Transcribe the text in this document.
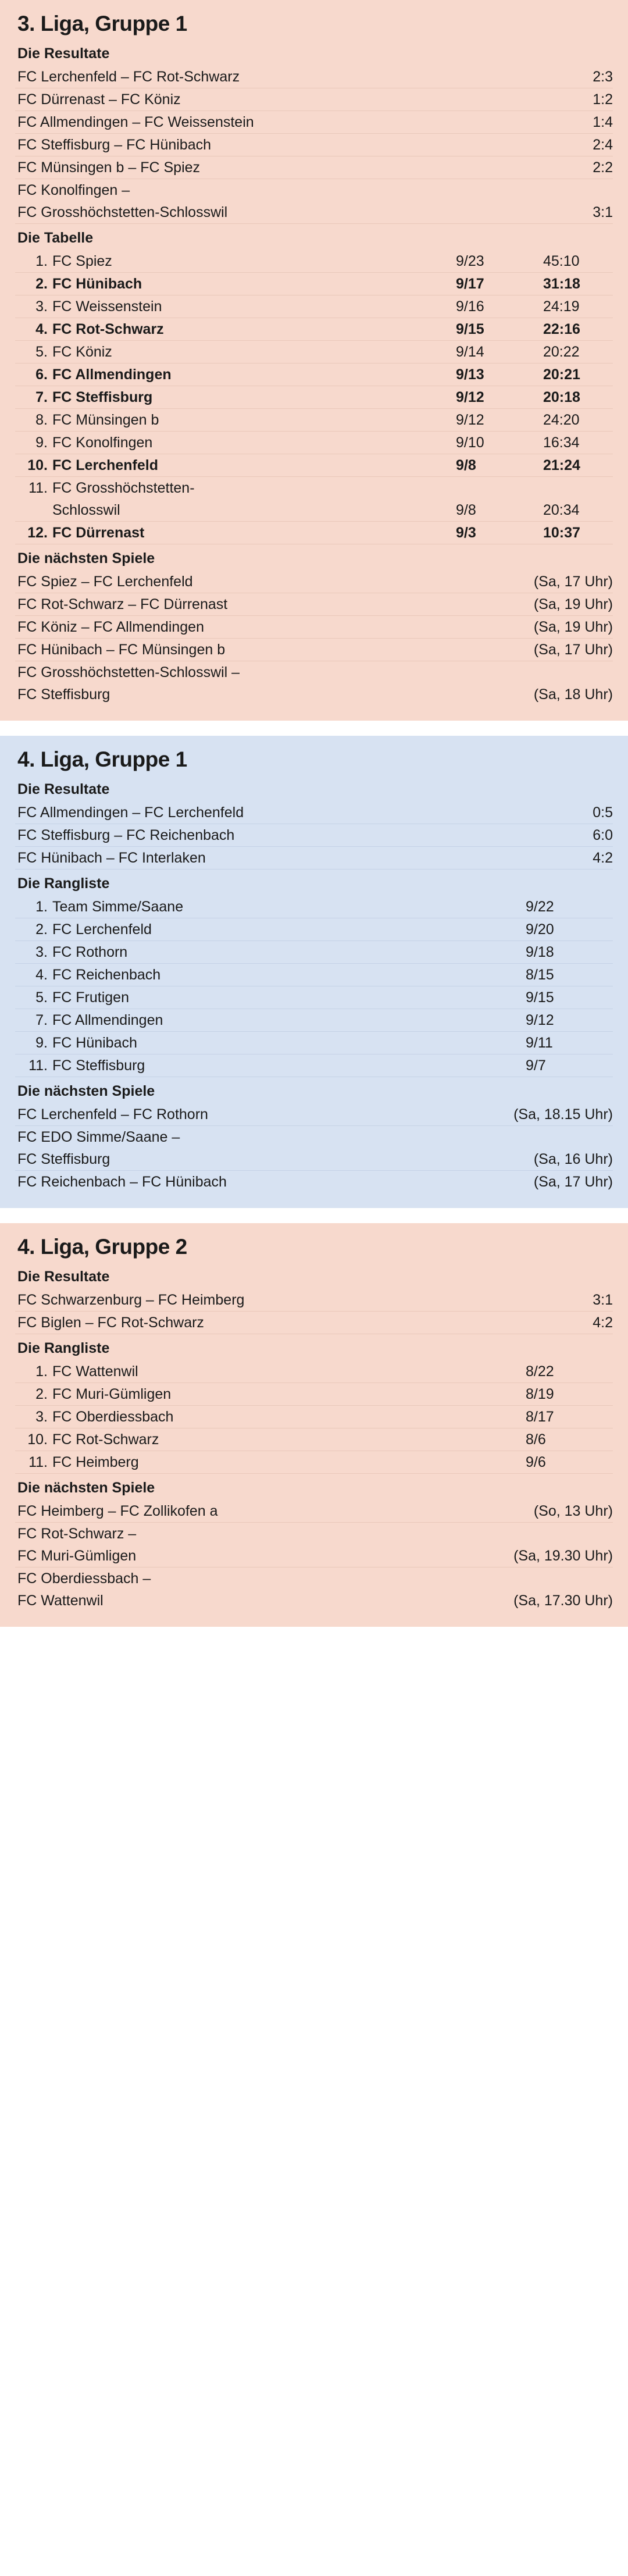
3. Liga, Gruppe 1
Die Resultate
FC Lerchenfeld – FC Rot-Schwarz	2:3
FC Dürrenast – FC Köniz	1:2
FC Allmendingen – FC Weissenstein	1:4
FC Steffisburg – FC Hünibach	2:4
FC Münsingen b – FC Spiez	2:2
FC Konolfingen –
FC Grosshöchstetten-Schlosswil	3:1
Die Tabelle
1. FC Spiez	9/23	45:10
2. FC Hünibach	9/17	31:18
3. FC Weissenstein	9/16	24:19
4. FC Rot-Schwarz	9/15	22:16
5. FC Köniz	9/14	20:22
6. FC Allmendingen	9/13	20:21
7. FC Steffisburg	9/12	20:18
8. FC Münsingen b	9/12	24:20
9. FC Konolfingen	9/10	16:34
10. FC Lerchenfeld	9/8	21:24
11. FC Grosshöchstetten-
Schlosswil	9/8	20:34
12. FC Dürrenast	9/3	10:37
Die nächsten Spiele
FC Spiez – FC Lerchenfeld	(Sa, 17 Uhr)
FC Rot-Schwarz – FC Dürrenast	(Sa, 19 Uhr)
FC Köniz – FC Allmendingen	(Sa, 19 Uhr)
FC Hünibach – FC Münsingen b	(Sa, 17 Uhr)
FC Grosshöchstetten-Schlosswil –
FC Steffisburg	(Sa, 18 Uhr)
4. Liga, Gruppe 1
Die Resultate
FC Allmendingen – FC Lerchenfeld	0:5
FC Steffisburg – FC Reichenbach	6:0
FC Hünibach – FC Interlaken	4:2
Die Rangliste
1. Team Simme/Saane	9/22
2. FC Lerchenfeld	9/20
3. FC Rothorn	9/18
4. FC Reichenbach	8/15
5. FC Frutigen	9/15
7. FC Allmendingen	9/12
9. FC Hünibach	9/11
11. FC Steffisburg	9/7
Die nächsten Spiele
FC Lerchenfeld – FC Rothorn	(Sa, 18.15 Uhr)
FC EDO Simme/Saane –
FC Steffisburg	(Sa, 16 Uhr)
FC Reichenbach – FC Hünibach	(Sa, 17 Uhr)
4. Liga, Gruppe 2
Die Resultate
FC Schwarzenburg – FC Heimberg	3:1
FC Biglen – FC Rot-Schwarz	4:2
Die Rangliste
1. FC Wattenwil	8/22
2. FC Muri-Gümligen	8/19
3. FC Oberdiessbach	8/17
10. FC Rot-Schwarz	8/6
11. FC Heimberg	9/6
Die nächsten Spiele
FC Heimberg – FC Zollikofen a	(So, 13 Uhr)
FC Rot-Schwarz –
FC Muri-Gümligen	(Sa, 19.30 Uhr)
FC Oberdiessbach –
FC Wattenwil	(Sa, 17.30 Uhr)
